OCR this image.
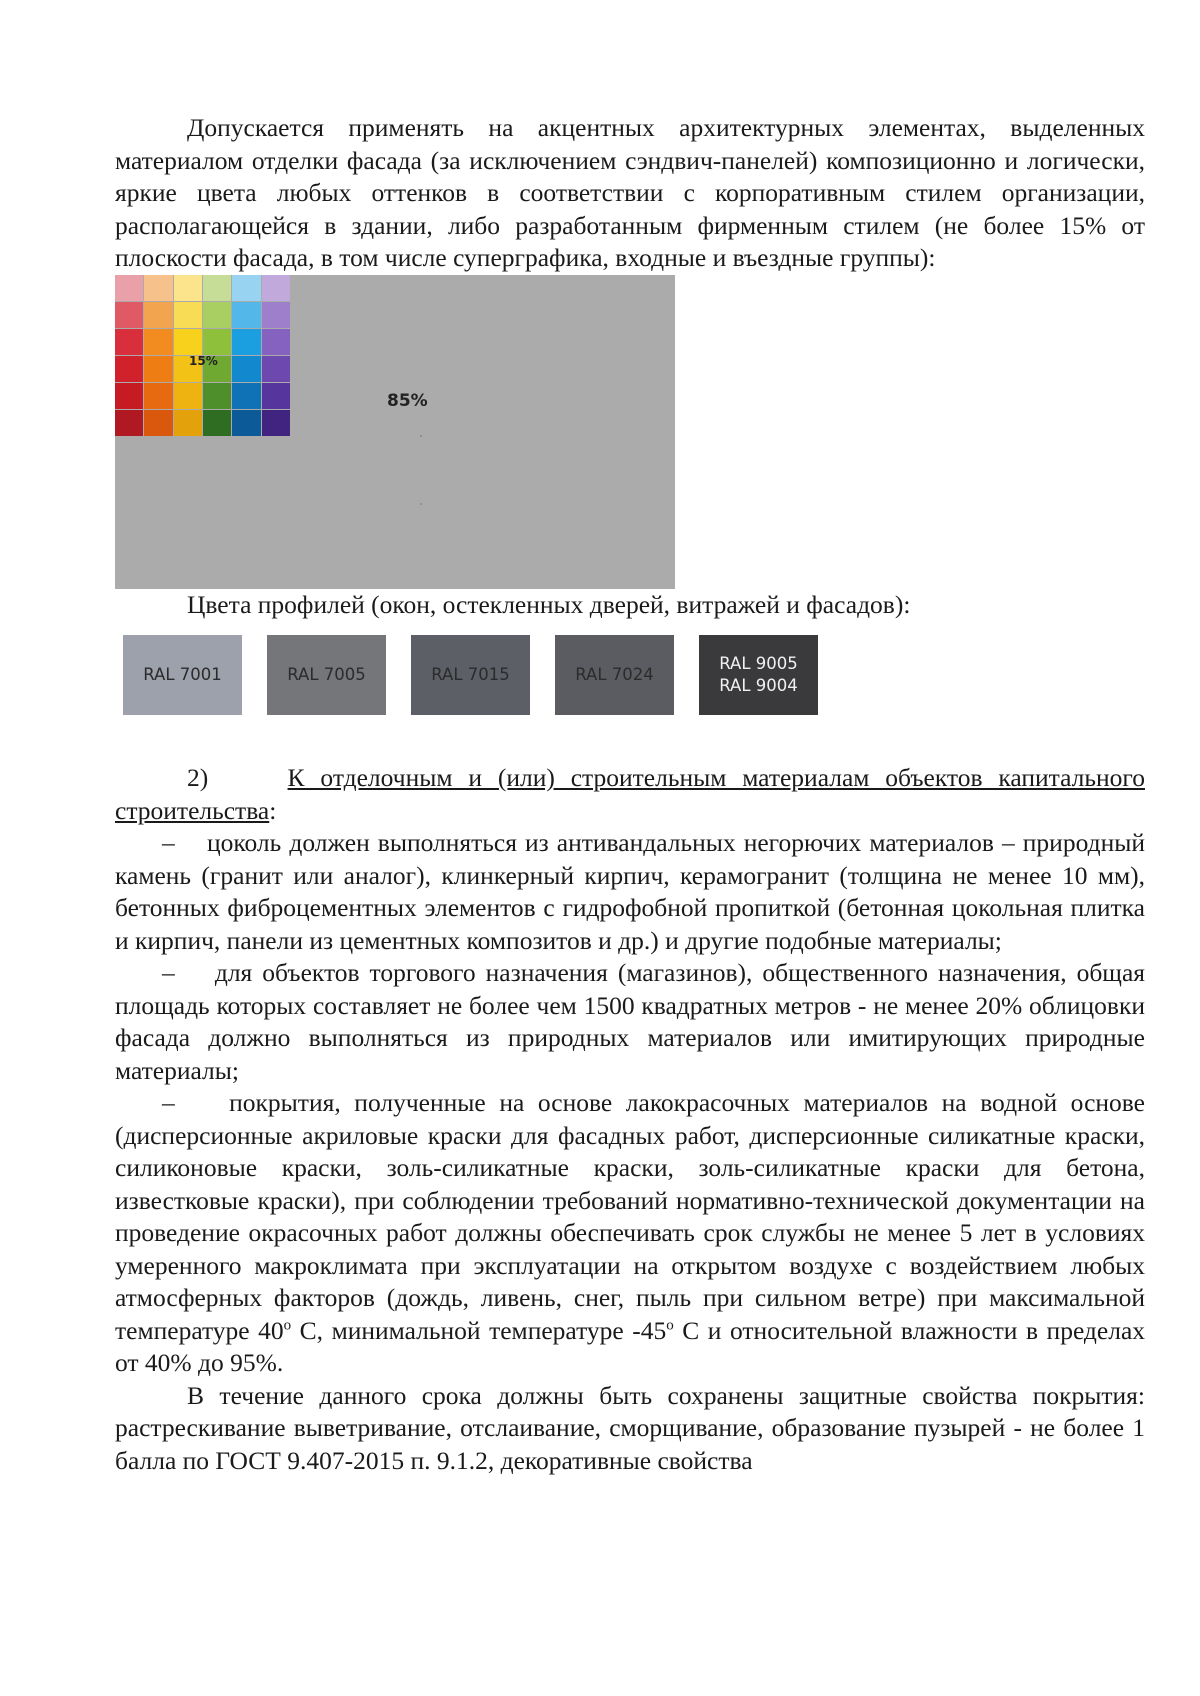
Допускается применять на акцентных архитектурных элементах, выделенных материалом отделки фасада (за исключением сэндвич-панелей) композиционно и логически, яркие цвета любых оттенков в соответствии с корпоративным стилем организации, располагающейся в здании, либо разработанным фирменным стилем (не более 15% от плоскости фасада, в том числе суперграфика, входные и въездные группы):

15%
85%

Цвета профилей (окон, остекленных дверей, витражей и фасадов):

RAL 7001	RAL 7005	RAL 7015	RAL 7024
RAL 9005
RAL 9004

2)	К отделочным и (или) строительным материалам объектов капитального строительства:

– цоколь должен выполняться из антивандальных негорючих материалов – природный камень (гранит или аналог), клинкерный кирпич, керамогранит (толщина не менее 10 мм), бетонных фиброцементных элементов с гидрофобной пропиткой (бетонная цокольная плитка и кирпич, панели из цементных композитов и др.) и другие подобные материалы;

– для объектов торгового назначения (магазинов), общественного назначения, общая площадь которых составляет не более чем 1500 квадратных метров - не менее 20% облицовки фасада должно выполняться из природных материалов или имитирующих природные материалы;

– покрытия, полученные на основе лакокрасочных материалов на водной основе (дисперсионные акриловые краски для фасадных работ, дисперсионные силикатные краски, силиконовые краски, золь-силикатные краски, золь-силикатные краски для бетона, известковые краски), при соблюдении требований нормативно-технической документации на проведение окрасочных работ должны обеспечивать срок службы не менее 5 лет в условиях умеренного макроклимата при эксплуатации на открытом воздухе с воздействием любых атмосферных факторов (дождь, ливень, снег, пыль при сильном ветре) при максимальной температуре $40^о$ С, минимальной температуре $-45^о$ С и относительной влажности в пределах от 40% до 95%.

В течение данного срока должны быть сохранены защитные свойства покрытия: растрескивание выветривание, отслаивание, сморщивание, образование пузырей - не более 1 балла по ГОСТ 9.407-2015 п. 9.1.2, декоративные свойства
